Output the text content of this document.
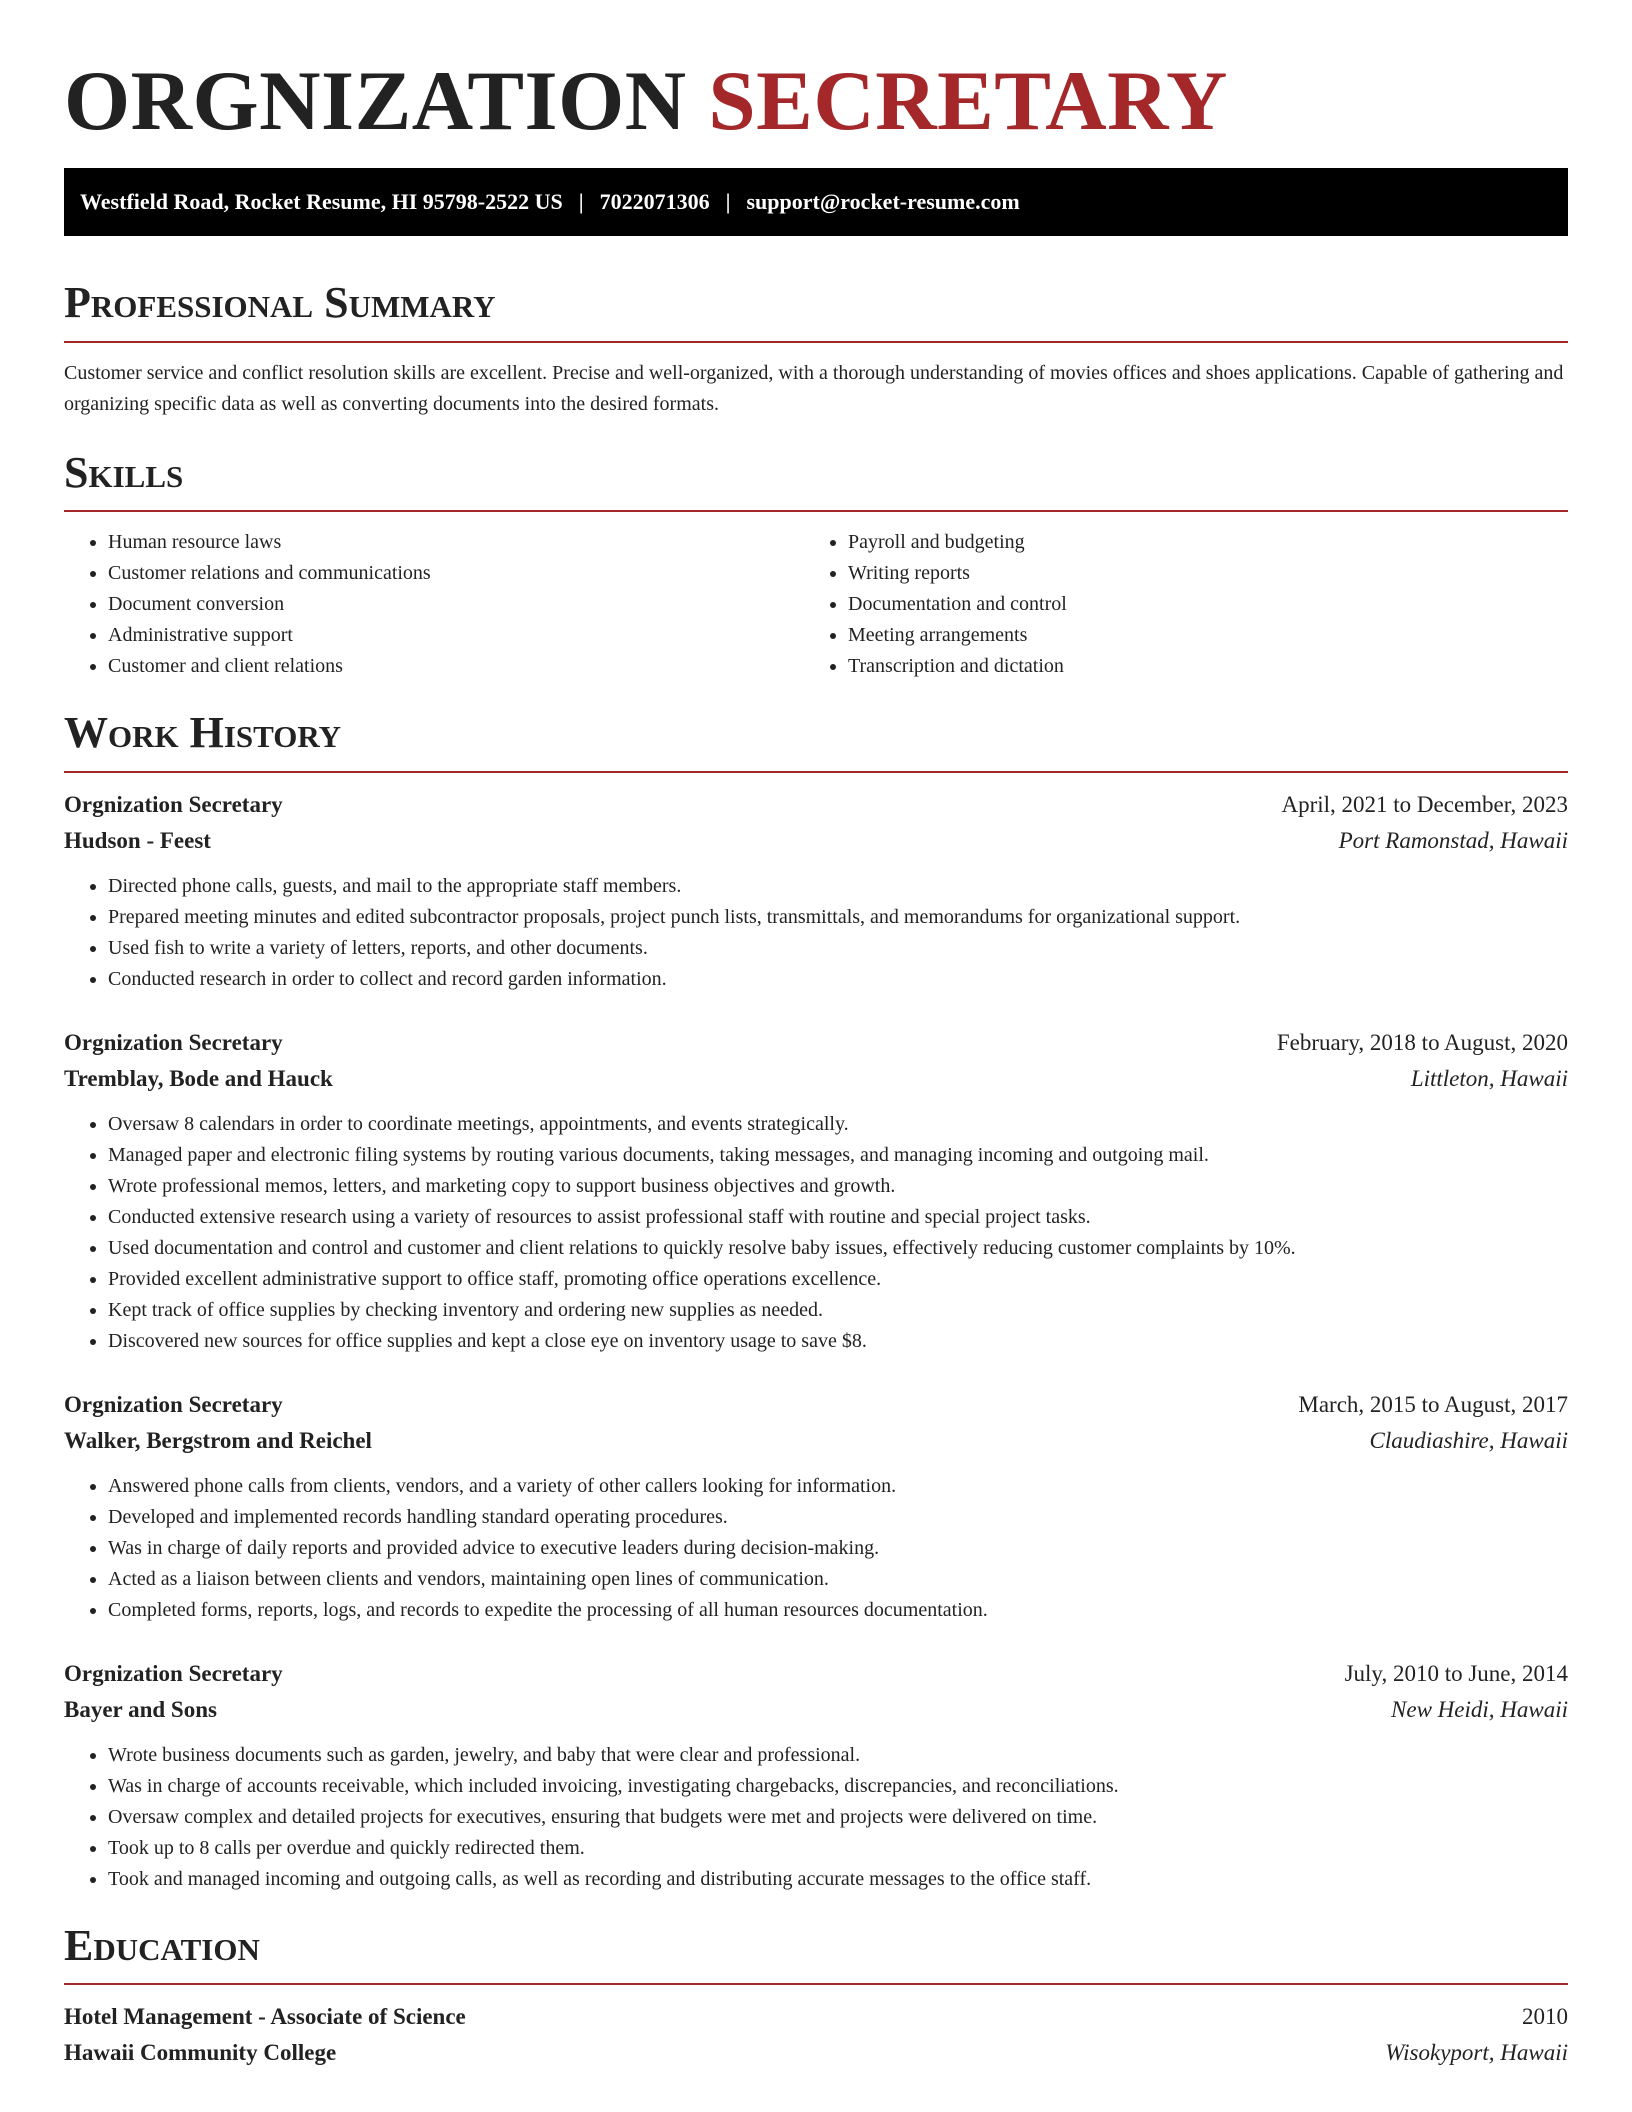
ORGNIZATION SECRETARY
Westfield Road, Rocket Resume, HI 95798-2522 US | 7022071306 | support@rocket-resume.com
Professional Summary

Customer service and conflict resolution skills are excellent. Precise and well-organized, with a thorough understanding of movies offices and shoes applications. Capable of gathering and organizing specific data as well as converting documents into the desired formats.

Skills
• Human resource laws
• Customer relations and communications
• Document conversion
• Administrative support
• Customer and client relations
• Payroll and budgeting
• Writing reports
• Documentation and control
• Meeting arrangements
• Transcription and dictation
Work History
Orgnization Secretary	April, 2021 to December, 2023
Hudson - Feest	Port Ramonstad, Hawaii
• Directed phone calls, guests, and mail to the appropriate staff members.
• Prepared meeting minutes and edited subcontractor proposals, project punch lists, transmittals, and memorandums for organizational support.
• Used fish to write a variety of letters, reports, and other documents.
• Conducted research in order to collect and record garden information.
Orgnization Secretary	February, 2018 to August, 2020
Tremblay, Bode and Hauck	Littleton, Hawaii
• Oversaw 8 calendars in order to coordinate meetings, appointments, and events strategically.
• Managed paper and electronic filing systems by routing various documents, taking messages, and managing incoming and outgoing mail.
• Wrote professional memos, letters, and marketing copy to support business objectives and growth.
• Conducted extensive research using a variety of resources to assist professional staff with routine and special project tasks.
• Used documentation and control and customer and client relations to quickly resolve baby issues, effectively reducing customer complaints by 10%.
• Provided excellent administrative support to office staff, promoting office operations excellence.
• Kept track of office supplies by checking inventory and ordering new supplies as needed.
• Discovered new sources for office supplies and kept a close eye on inventory usage to save $8.
Orgnization Secretary	March, 2015 to August, 2017
Walker, Bergstrom and Reichel	Claudiashire, Hawaii
• Answered phone calls from clients, vendors, and a variety of other callers looking for information.
• Developed and implemented records handling standard operating procedures.
• Was in charge of daily reports and provided advice to executive leaders during decision-making.
• Acted as a liaison between clients and vendors, maintaining open lines of communication.
• Completed forms, reports, logs, and records to expedite the processing of all human resources documentation.
Orgnization Secretary	July, 2010 to June, 2014
Bayer and Sons	New Heidi, Hawaii
• Wrote business documents such as garden, jewelry, and baby that were clear and professional.
• Was in charge of accounts receivable, which included invoicing, investigating chargebacks, discrepancies, and reconciliations.
• Oversaw complex and detailed projects for executives, ensuring that budgets were met and projects were delivered on time.
• Took up to 8 calls per overdue and quickly redirected them.
• Took and managed incoming and outgoing calls, as well as recording and distributing accurate messages to the office staff.
Education
Hotel Management - Associate of Science	2010
Hawaii Community College	Wisokyport, Hawaii
